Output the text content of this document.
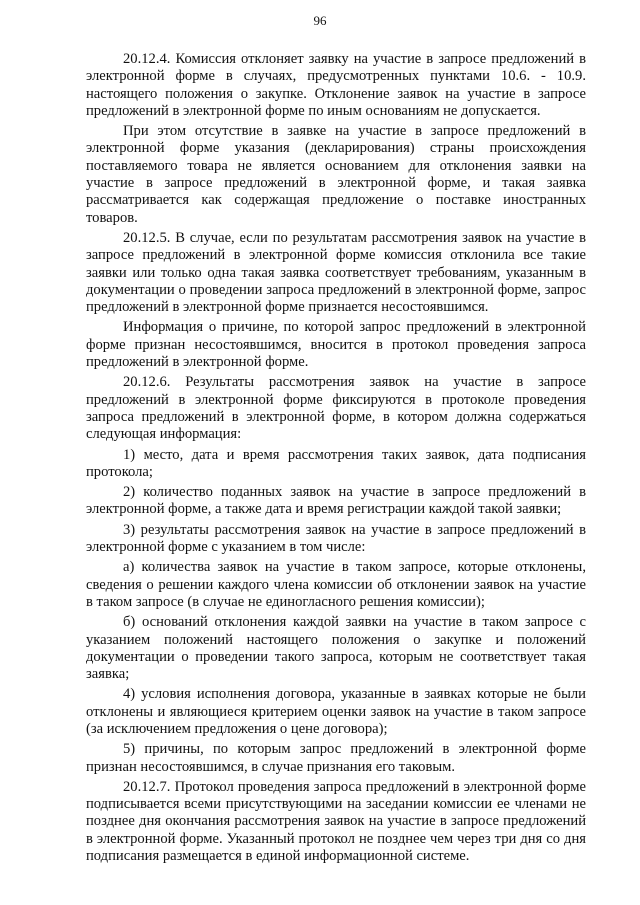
96

20.12.4. Комиссия отклоняет заявку на участие в запросе предложений в электронной форме в случаях, предусмотренных пунктами 10.6. - 10.9. настоящего положения о закупке. Отклонение заявок на участие в запросе предложений в электронной форме по иным основаниям не допускается.

При этом отсутствие в заявке на участие в запросе предложений в электронной форме указания (декларирования) страны происхождения поставляемого товара не является основанием для отклонения заявки на участие в запросе предложений в электронной форме, и такая заявка рассматривается как содержащая предложение о поставке иностранных товаров.

20.12.5. В случае, если по результатам рассмотрения заявок на участие в запросе предложений в электронной форме комиссия отклонила все такие заявки или только одна такая заявка соответствует требованиям, указанным в документации о проведении запроса предложений в электронной форме, запрос предложений в электронной форме признается несостоявшимся.

Информация о причине, по которой запрос предложений в электронной форме признан несостоявшимся, вносится в протокол проведения запроса предложений в электронной форме.

20.12.6. Результаты рассмотрения заявок на участие в запросе предложений в электронной форме фиксируются в протоколе проведения запроса предложений в электронной форме, в котором должна содержаться следующая информация:

1) место, дата и время рассмотрения таких заявок, дата подписания протокола;

2) количество поданных заявок на участие в запросе предложений в электронной форме, а также дата и время регистрации каждой такой заявки;

3) результаты рассмотрения заявок на участие в запросе предложений в электронной форме с указанием в том числе:

а) количества заявок на участие в таком запросе, которые отклонены, сведения о решении каждого члена комиссии об отклонении заявок на участие в таком запросе (в случае не единогласного решения комиссии);

б) оснований отклонения каждой заявки на участие в таком запросе с указанием положений настоящего положения о закупке и положений документации о проведении такого запроса, которым не соответствует такая заявка;

4) условия исполнения договора, указанные в заявках которые не были отклонены и являющиеся критерием оценки заявок на участие в таком запросе (за исключением предложения о цене договора);

5) причины, по которым запрос предложений в электронной форме признан несостоявшимся, в случае признания его таковым.

20.12.7. Протокол проведения запроса предложений в электронной форме подписывается всеми присутствующими на заседании комиссии ее членами не позднее дня окончания рассмотрения заявок на участие в запросе предложений в электронной форме. Указанный протокол не позднее чем через три дня со дня подписания размещается в единой информационной системе.
